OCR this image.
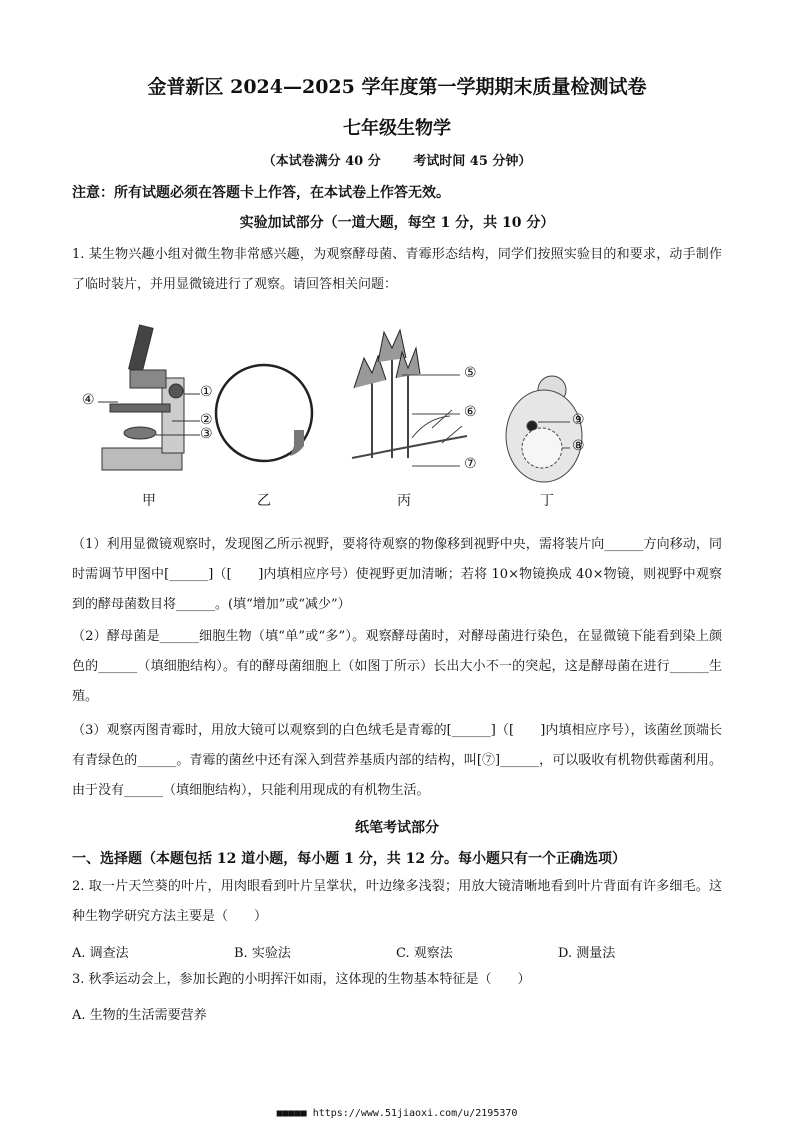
金普新区 2024—2025 学年度第一学期期末质量检测试卷
七年级生物学
（本试卷满分 40 分	考试时间 45 分钟）
注意：所有试题必须在答题卡上作答，在本试卷上作答无效。
实验加试部分（一道大题，每空 1 分，共 10 分）
1. 某生物兴趣小组对微生物非常感兴趣，为观察酵母菌、青霉形态结构，同学们按照实验目的和要求，动手制作了临时装片，并用显微镜进行了观察。请回答相关问题：
④	①
②
③
⑤
⑥
⑦
⑨
⑧
甲	乙	丙	丁
（1）利用显微镜观察时，发现图乙所示视野，要将待观察的物像移到视野中央，需将装片向______方向移动，同时需调节甲图中[______]（[　　]内填相应序号）使视野更加清晰；若将 10×物镜换成 40×物镜，则视野中观察到的酵母菌数目将______。(填“增加”或“减少”）
（2）酵母菌是______细胞生物（填“单”或“多”）。观察酵母菌时，对酵母菌进行染色，在显微镜下能看到染上颜色的______（填细胞结构）。有的酵母菌细胞上（如图丁所示）长出大小不一的突起，这是酵母菌在进行______生殖。
（3）观察丙图青霉时，用放大镜可以观察到的白色绒毛是青霉的[______]（[　　]内填相应序号），该菌丝顶端长有青绿色的______。青霉的菌丝中还有深入到营养基质内部的结构，叫[⑦]______，可以吸收有机物供霉菌利用。由于没有______（填细胞结构），只能利用现成的有机物生活。
纸笔考试部分
一、选择题（本题包括 12 道小题，每小题 1 分，共 12 分。每小题只有一个正确选项）
2. 取一片天竺葵的叶片，用肉眼看到叶片呈掌状，叶边缘多浅裂；用放大镜清晰地看到叶片背面有许多细毛。这种生物学研究方法主要是（　　）
A. 调查法	B. 实验法	C. 观察法	D. 测量法
3. 秋季运动会上，参加长跑的小明挥汗如雨，这体现的生物基本特征是（　　）
A. 生物的生活需要营养
■■■■■ https://www.51jiaoxi.com/u/2195370
